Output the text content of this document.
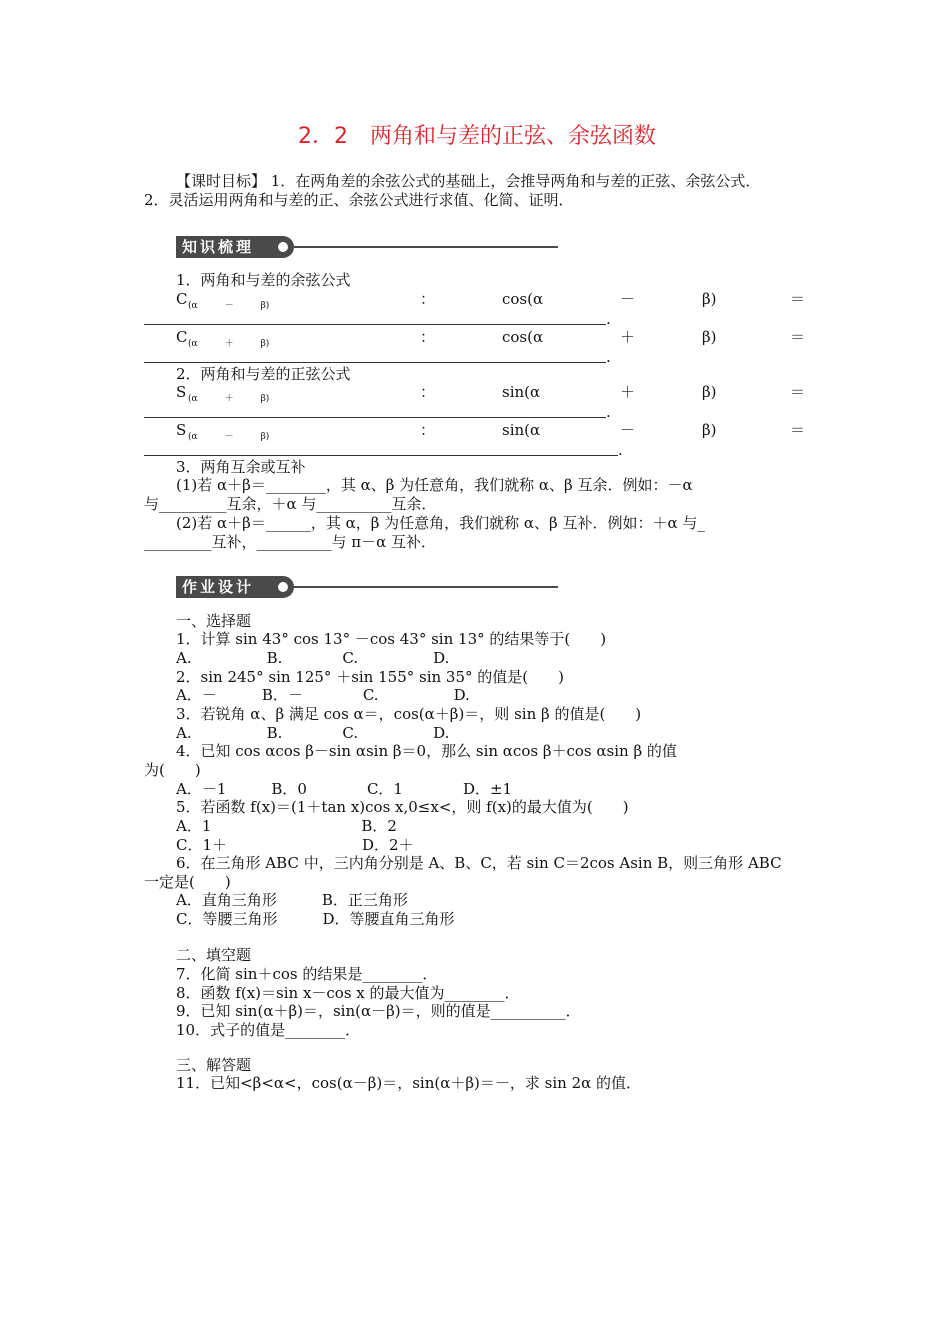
2．2　两角和与差的正弦、余弦函数
【课时目标】 1．在两角差的余弦公式的基础上，会推导两角和与差的正弦、余弦公式．
2．灵活运用两角和与差的正、余弦公式进行求值、化简、证明．
知识梳理
1．两角和与差的余弦公式
C (α　　　－　　　β)	：	cos(α	－	β)	＝
.
C (α　　　＋　　　β)	：	cos(α	＋	β)	＝
.
2．两角和与差的正弦公式
S (α　　　＋　　　β)	：	sin(α	＋	β)	＝
.
S (α　　　－　　　β)	：	sin(α	－	β)	＝
.
3．两角互余或互补
(1)若 α＋β＝________，其 α、β 为任意角，我们就称 α、β 互余．例如：－α
与_________互余，＋α 与__________互余．
(2)若 α＋β＝______，其 α，β 为任意角，我们就称 α、β 互补．例如：＋α 与_
_________互补，__________与 π－α 互补．
作业设计
一、选择题
1．计算 sin 43° cos 13° －cos 43° sin 13° 的结果等于(　　)
A.　　　　　B.　　　　C.　　　　　D.
2．sin 245° sin 125° ＋sin 155° sin 35° 的值是(　　)
A．－　　　B．－　　　　C.　　　　　D.
3．若锐角 α、β 满足 cos α＝，cos(α＋β)＝，则 sin β 的值是(　　)
A.　　　　　B.　　　　C.　　　　　D.
4．已知 cos αcos β－sin αsin β＝0，那么 sin αcos β＋cos αsin β 的值
为(　　)
A．－1　　　B．0　　　　C．1　　　　D．±1
5．若函数 f(x)＝(1＋tan x)cos x,0≤x<，则 f(x)的最大值为(　　)
A．1　　　　　　　　　　B．2
C．1＋　　　　　　　　　D．2＋
6．在三角形 ABC 中，三内角分别是 A、B、C，若 sin C＝2cos Asin B，则三角形 ABC
一定是(　　)
A．直角三角形　　　B．正三角形
C．等腰三角形　　　D．等腰直角三角形
二、填空题
7．化简 sin＋cos 的结果是________．
8．函数 f(x)＝sin x－cos x 的最大值为________．
9．已知 sin(α＋β)＝，sin(α－β)＝，则的值是__________．
10．式子的值是________．
三、解答题
11．已知<β<α<，cos(α－β)＝，sin(α＋β)＝－，求 sin 2α 的值．
